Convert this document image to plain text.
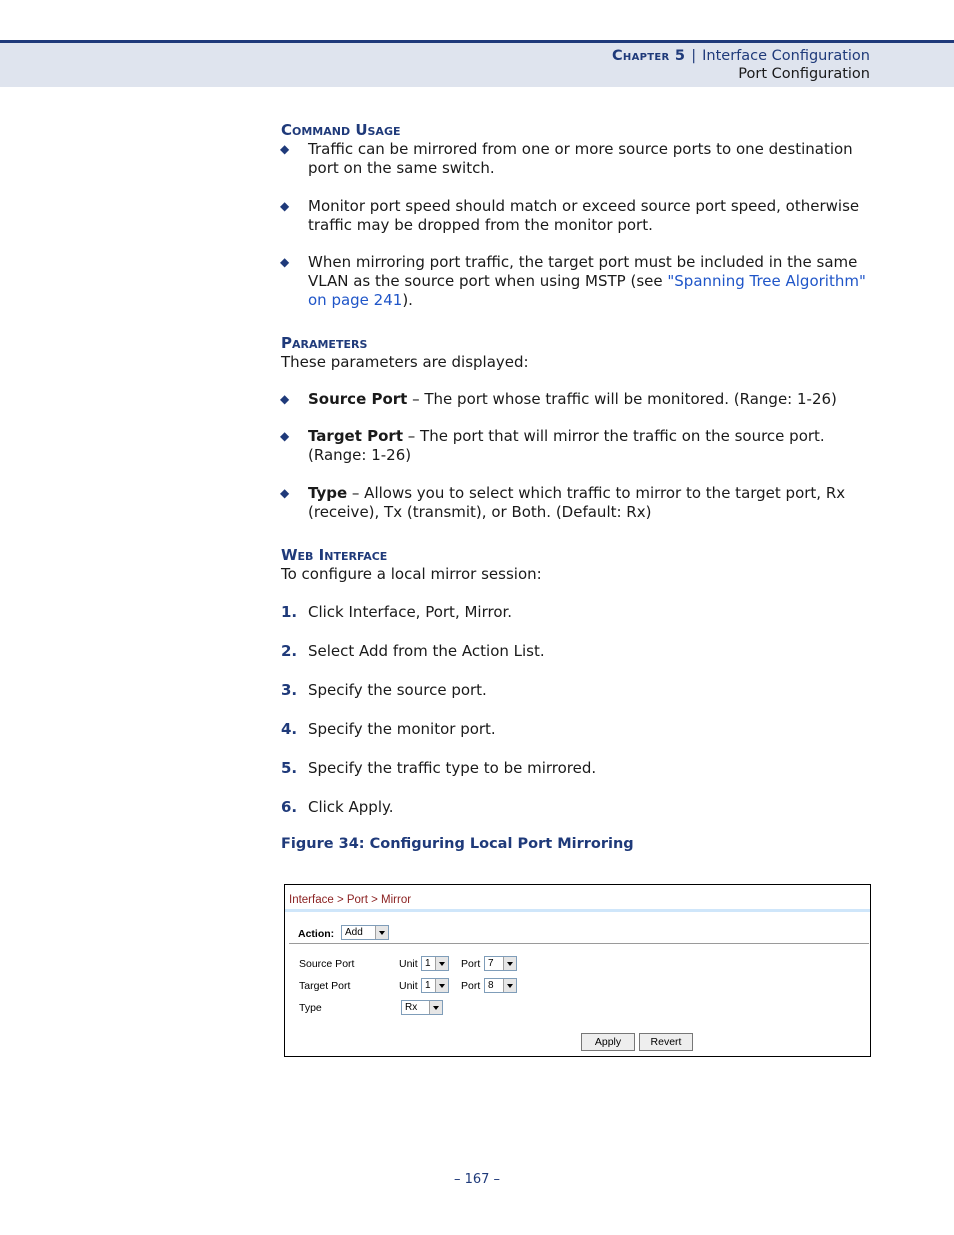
Chapter 5 | Interface Configuration
Port Configuration
Command Usage
◆ Traffic can be mirrored from one or more source ports to one destination port on the same switch.
◆ Monitor port speed should match or exceed source port speed, otherwise traffic may be dropped from the monitor port.
◆ When mirroring port traffic, the target port must be included in the same VLAN as the source port when using MSTP (see "Spanning Tree Algorithm" on page 241).
Parameters

These parameters are displayed:

◆ Source Port – The port whose traffic will be monitored. (Range: 1-26)
◆ Target Port – The port that will mirror the traffic on the source port. (Range: 1-26)
◆ Type – Allows you to select which traffic to mirror to the target port, Rx (receive), Tx (transmit), or Both. (Default: Rx)
Web Interface

To configure a local mirror session:

1. Click Interface, Port, Mirror.
2. Select Add from the Action List.
3. Specify the source port.
4. Specify the monitor port.
5. Specify the traffic type to be mirrored.
6. Click Apply.

Figure 34: Configuring Local Port Mirroring

Interface > Port > Mirror
Action:	Add
Source Port	Unit 1	Port 7
Target Port	Unit 1	Port 8
Type	Rx
Apply	Revert
– 167 –
